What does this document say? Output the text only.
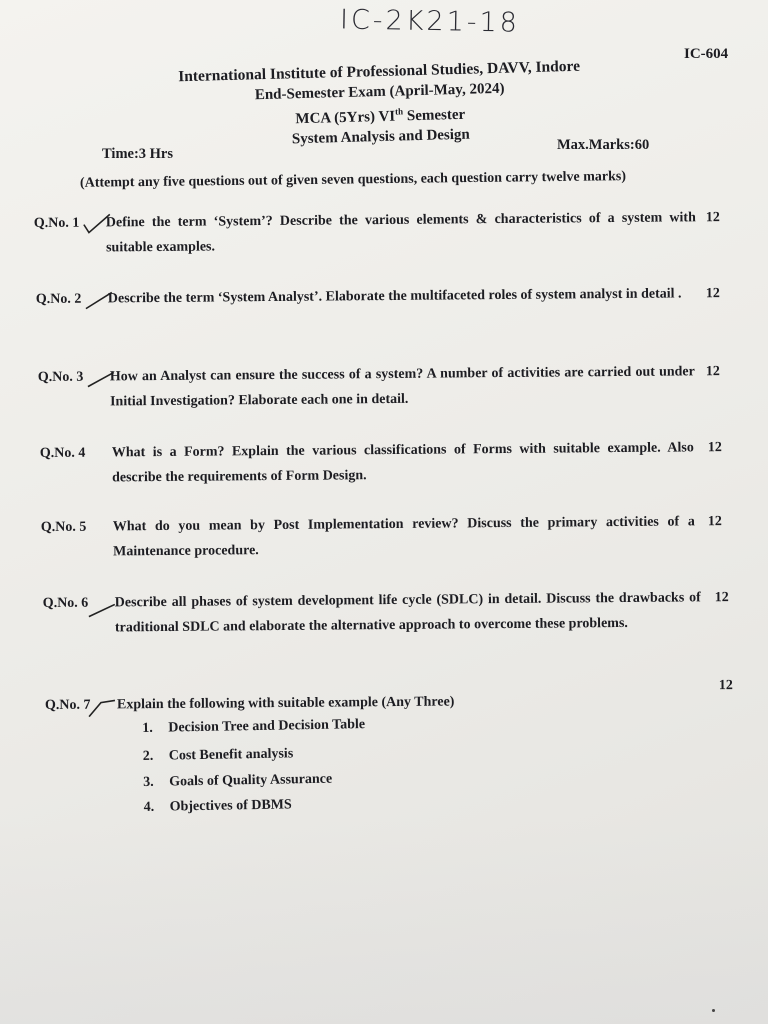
IC-2K21-18
IC-604
International Institute of Professional Studies, DAVV, Indore
End-Semester Exam (April-May, 2024)
MCA (5Yrs) VIth Semester
System Analysis and Design
Time:3 Hrs
Max.Marks:60
(Attempt any five questions out of given seven questions, each question carry twelve marks)
Q.No. 1 Define the term ‘System’? Describe the various elements & characteristics of a system with suitable examples.
12
Q.No. 2 Describe the term ‘System Analyst’. Elaborate the multifaceted roles of system analyst in detail .	12
Q.No. 3 How an Analyst can ensure the success of a system? A number of activities are carried out under Initial Investigation? Elaborate each one in detail.
12
Q.No. 4 What is a Form? Explain the various classifications of Forms with suitable example. Also describe the requirements of Form Design.
12
Q.No. 5 What do you mean by Post Implementation review? Discuss the primary activities of a Maintenance procedure.
12
Q.No. 6 Describe all phases of system development life cycle (SDLC) in detail. Discuss the drawbacks of traditional SDLC and elaborate the alternative approach to overcome these problems.
12
Q.No. 7 Explain the following with suitable example (Any Three)
12
1. Decision Tree and Decision Table
2. Cost Benefit analysis
3. Goals of Quality Assurance
4. Objectives of DBMS
